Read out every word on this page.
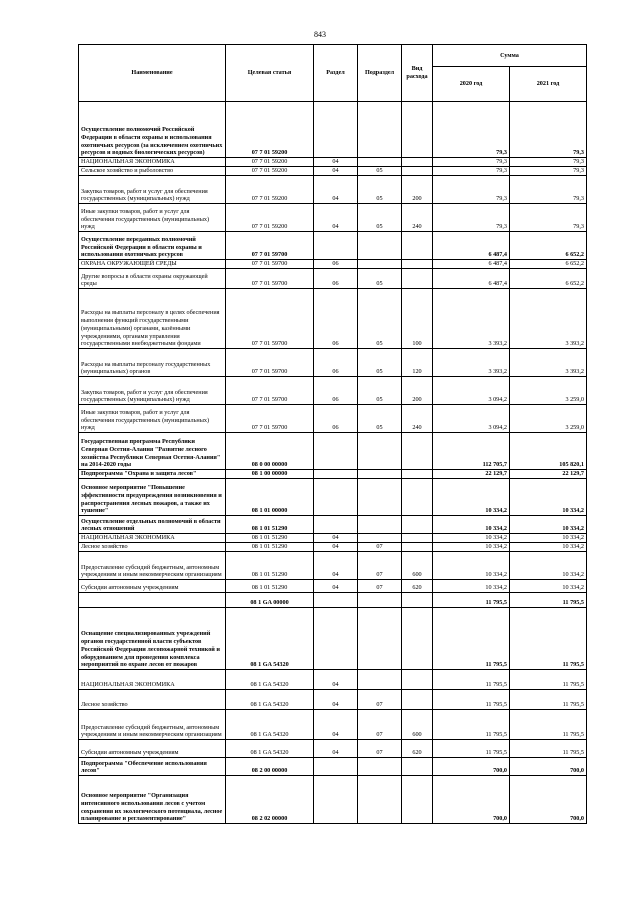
843
Наименование	Целевая статья	Раздел	Подраздел	Вид расхода	Сумма	
					2020 год	2021 год
Осуществление полномочий Российской Федерации в области охраны и использования охотничьих ресурсов (за исключением охотничьих ресурсов и водных биологических ресурсов)	07 7 01 59200				79,3	79,3
НАЦИОНАЛЬНАЯ ЭКОНОМИКА	07 7 01 59200	04			79,3	79,3
Сельское хозяйство и рыболовство	07 7 01 59200	04	05		79,3	79,3
Закупка товаров, работ и услуг для обеспечения государственных (муниципальных) нужд	07 7 01 59200	04	05	200	79,3	79,3
Иные закупки товаров, работ и услуг для обеспечения государственных (муниципальных) нужд	07 7 01 59200	04	05	240	79,3	79,3
Осуществление переданных полномочий Российской Федерации в области охраны и использования охотничьих ресурсов	07 7 01 59700				6 487,4	6 652,2
ОХРАНА ОКРУЖАЮЩЕЙ СРЕДЫ	07 7 01 59700	06			6 487,4	6 652,2
Другие вопросы в области охраны окружающей среды	07 7 01 59700	06	05		6 487,4	6 652,2
Расходы на выплаты персоналу в целях обеспечения выполнения функций государственными (муниципальными) органами, казёнными учреждениями, органами управления государственными внебюджетными фондами	07 7 01 59700	06	05	100	3 393,2	3 393,2
Расходы на выплаты персоналу государственных (муниципальных) органов	07 7 01 59700	06	05	120	3 393,2	3 393,2
Закупка товаров, работ и услуг для обеспечения государственных (муниципальных) нужд	07 7 01 59700	06	05	200	3 094,2	3 259,0
Иные закупки товаров, работ и услуг для обеспечения государственных (муниципальных) нужд	07 7 01 59700	06	05	240	3 094,2	3 259,0
Государственная программа Республики Северная Осетия-Алания "Развитие лесного хозяйства Республики Северная Осетия-Алания" на 2014-2020 годы	08 0 00 00000				112 705,7	105 820,1
Подпрограмма "Охрана и защита лесов"	08 1 00 00000				22 129,7	22 129,7
Основное мероприятие "Повышение эффективности предупреждения возникновения и распространения лесных пожаров, а также их тушение"	08 1 01 00000				10 334,2	10 334,2
Осуществление отдельных полномочий в области лесных отношений	08 1 01 51290				10 334,2	10 334,2
НАЦИОНАЛЬНАЯ ЭКОНОМИКА	08 1 01 51290	04			10 334,2	10 334,2
Лесное хозяйство	08 1 01 51290	04	07		10 334,2	10 334,2
Предоставление субсидий бюджетным, автономным учреждениям и иным некоммерческим организациям	08 1 01 51290	04	07	600	10 334,2	10 334,2
Субсидии автономным учреждениям	08 1 01 51290	04	07	620	10 334,2	10 334,2
	08 1 GA 00000				11 795,5	11 795,5
Оснащение специализированных учреждений органов государственной власти субъектов Российской Федерации лесопожарной техникой и оборудованием для проведения комплекса мероприятий по охране лесов от пожаров	08 1 GA 54320				11 795,5	11 795,5
НАЦИОНАЛЬНАЯ ЭКОНОМИКА	08 1 GA 54320	04			11 795,5	11 795,5
Лесное хозяйство	08 1 GA 54320	04	07		11 795,5	11 795,5
Предоставление субсидий бюджетным, автономным учреждениям и иным некоммерческим организациям	08 1 GA 54320	04	07	600	11 795,5	11 795,5
Субсидии автономным учреждениям	08 1 GA 54320	04	07	620	11 795,5	11 795,5
Подпрограмма "Обеспечение использования лесов"	08 2 00 00000				700,0	700,0
Основное мероприятие "Организация интенсивного использования лесов с учетом сохранения их экологического потенциала, лесное планирование и регламентирование"	08 2 02 00000				700,0	700,0
